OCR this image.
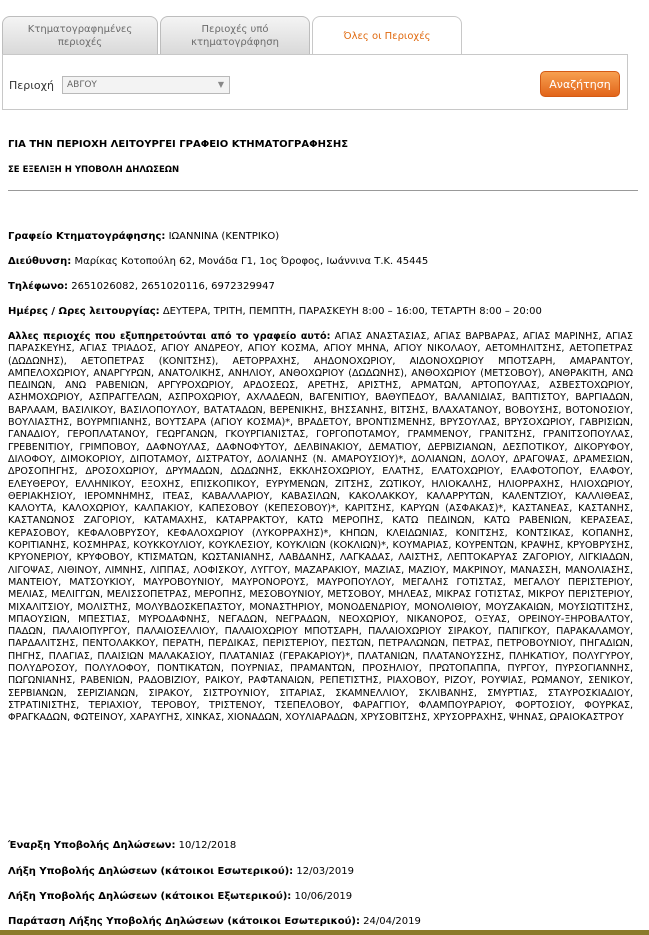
Κτηματογραφημένες περιοχές
Περιοχές υπό κτηματογράφηση	Όλες οι Περιοχές
Περιοχή	ΑΒΓΟΥ	▼	Αναζήτηση
ΓΙΑ ΤΗΝ ΠΕΡΙΟΧΗ ΛΕΙΤΟΥΡΓΕΙ ΓΡΑΦΕΙΟ ΚΤΗΜΑΤΟΓΡΑΦΗΣΗΣ
ΣΕ ΕΞΕΛΙΞΗ Η ΥΠΟΒΟΛΗ ΔΗΛΩΣΕΩΝ
Γραφείο Κτηματογράφησης: ΙΩΑΝΝΙΝΑ (ΚΕΝΤΡΙΚΟ)
Διεύθυνση: Μαρίκας Κοτοπούλη 62, Μονάδα Γ1, 1ος Όροφος, Ιωάννινα Τ.Κ. 45445
Τηλέφωνο: 2651026082, 2651020116, 6972329947
Ημέρες / Ωρες λειτουργίας: ΔΕΥΤΕΡΑ, ΤΡΙΤΗ, ΠΕΜΠΤΗ, ΠΑΡΑΣΚΕΥΗ 8:00 – 16:00, ΤΕΤΑΡΤΗ 8:00 – 20:00
Αλλες περιοχές που εξυπηρετούνται από το γραφείο αυτό: ΑΓΙΑΣ ΑΝΑΣΤΑΣΙΑΣ, ΑΓΙΑΣ ΒΑΡΒΑΡΑΣ, ΑΓΙΑΣ ΜΑΡΙΝΗΣ, ΑΓΙΑΣ ΠΑΡΑΣΚΕΥΗΣ, ΑΓΙΑΣ ΤΡΙΑΔΟΣ, ΑΓΙΟΥ ΑΝΔΡΕΟΥ, ΑΓΙΟΥ ΚΟΣΜΑ, ΑΓΙΟΥ ΜΗΝΑ, ΑΓΙΟΥ ΝΙΚΟΛΑΟΥ, ΑΕΤΟΜΗΛΙΤΣΗΣ, ΑΕΤΟΠΕΤΡΑΣ (ΔΩΔΩΝΗΣ), ΑΕΤΟΠΕΤΡΑΣ (ΚΟΝΙΤΣΗΣ), ΑΕΤΟΡΡΑΧΗΣ, ΑΗΔΟΝΟΧΩΡΙΟΥ, ΑΙΔΟΝΟΧΩΡΙΟΥ ΜΠΟΤΣΑΡΗ, ΑΜΑΡΑΝΤΟΥ, ΑΜΠΕΛΟΧΩΡΙΟΥ, ΑΝΑΡΓΥΡΩΝ, ΑΝΑΤΟΛΙΚΗΣ, ΑΝΗΛΙΟΥ, ΑΝΘΟΧΩΡΙΟΥ (ΔΩΔΩΝΗΣ), ΑΝΘΟΧΩΡΙΟΥ (ΜΕΤΣΟΒΟΥ), ΑΝΘΡΑΚΙΤΗ, ΑΝΩ ΠΕΔΙΝΩΝ, ΑΝΩ ΡΑΒΕΝΙΩΝ, ΑΡΓΥΡΟΧΩΡΙΟΥ, ΑΡΔΟΣΕΩΣ, ΑΡΕΤΗΣ, ΑΡΙΣΤΗΣ, ΑΡΜΑΤΩΝ, ΑΡΤΟΠΟΥΛΑΣ, ΑΣΒΕΣΤΟΧΩΡΙΟΥ, ΑΣΗΜΟΧΩΡΙΟΥ, ΑΣΠΡΑΓΓΕΛΩΝ, ΑΣΠΡΟΧΩΡΙΟΥ, ΑΧΛΑΔΕΩΝ, ΒΑΓΕΝΙΤΙΟΥ, ΒΑΘΥΠΕΔΟΥ, ΒΑΛΑΝΙΔΙΑΣ, ΒΑΠΤΙΣΤΟΥ, ΒΑΡΓΙΑΔΩΝ, ΒΑΡΛΑΑΜ, ΒΑΣΙΛΙΚΟΥ, ΒΑΣΙΛΟΠΟΥΛΟΥ, ΒΑΤΑΤΑΔΩΝ, ΒΕΡΕΝΙΚΗΣ, ΒΗΣΣΑΝΗΣ, ΒΙΤΣΗΣ, ΒΛΑΧΑΤΑΝΟΥ, ΒΟΒΟΥΣΗΣ, ΒΟΤΟΝΟΣΙΟΥ, ΒΟΥΛΙΑΣΤΗΣ, ΒΟΥΡΜΠΙΑΝΗΣ, ΒΟΥΤΣΑΡΑ (ΑΓΙΟΥ ΚΟΣΜΑ)*, ΒΡΑΔΕΤΟΥ, ΒΡΟΝΤΙΣΜΕΝΗΣ, ΒΡΥΣΟΥΛΑΣ, ΒΡΥΣΟΧΩΡΙΟΥ, ΓΑΒΡΙΣΙΩΝ, ΓΑΝΑΔΙΟΥ, ΓΕΡΟΠΛΑΤΑΝΟΥ, ΓΕΩΡΓΑΝΩΝ, ΓΚΟΥΡΓΙΑΝΙΣΤΑΣ, ΓΟΡΓΟΠΟΤΑΜΟΥ, ΓΡΑΜΜΕΝΟΥ, ΓΡΑΝΙΤΣΗΣ, ΓΡΑΝΙΤΣΟΠΟΥΛΑΣ, ΓΡΕΒΕΝΙΤΙΟΥ, ΓΡΙΜΠΟΒΟΥ, ΔΑΦΝΟΥΛΑΣ, ΔΑΦΝΟΦΥΤΟΥ, ΔΕΛΒΙΝΑΚΙΟΥ, ΔΕΜΑΤΙΟΥ, ΔΕΡΒΙΖΙΑΝΩΝ, ΔΕΣΠΟΤΙΚΟΥ, ΔΙΚΟΡΥΦΟΥ, ΔΙΛΟΦΟΥ, ΔΙΜΟΚΟΡΙΟΥ, ΔΙΠΟΤΑΜΟΥ, ΔΙΣΤΡΑΤΟΥ, ΔΟΛΙΑΝΗΣ (Ν. ΑΜΑΡΟΥΣΙΟΥ)*, ΔΟΛΙΑΝΩΝ, ΔΟΛΟΥ, ΔΡΑΓΟΨΑΣ, ΔΡΑΜΕΣΙΩΝ, ΔΡΟΣΟΠΗΓΗΣ, ΔΡΟΣΟΧΩΡΙΟΥ, ΔΡΥΜΑΔΩΝ, ΔΩΔΩΝΗΣ, ΕΚΚΛΗΣΟΧΩΡΙΟΥ, ΕΛΑΤΗΣ, ΕΛΑΤΟΧΩΡΙΟΥ, ΕΛΑΦΟΤΟΠΟΥ, ΕΛΑΦΟΥ, ΕΛΕΥΘΕΡΟΥ, ΕΛΛΗΝΙΚΟΥ, ΕΞΟΧΗΣ, ΕΠΙΣΚΟΠΙΚΟΥ, ΕΥΡΥΜΕΝΩΝ, ΖΙΤΣΗΣ, ΖΩΤΙΚΟΥ, ΗΛΙΟΚΑΛΗΣ, ΗΛΙΟΡΡΑΧΗΣ, ΗΛΙΟΧΩΡΙΟΥ, ΘΕΡΙΑΚΗΣΙΟΥ, ΙΕΡΟΜΝΗΜΗΣ, ΙΤΕΑΣ, ΚΑΒΑΛΛΑΡΙΟΥ, ΚΑΒΑΣΙΛΩΝ, ΚΑΚΟΛΑΚΚΟΥ, ΚΑΛΑΡΡΥΤΩΝ, ΚΑΛΕΝΤΖΙΟΥ, ΚΑΛΛΙΘΕΑΣ, ΚΑΛΟΥΤΑ, ΚΑΛΟΧΩΡΙΟΥ, ΚΑΛΠΑΚΙΟΥ, ΚΑΠΕΣΟΒΟΥ (ΚΕΠΕΣΟΒΟΥ)*, ΚΑΡΙΤΣΗΣ, ΚΑΡΥΩΝ (ΑΣΦΑΚΑΣ)*, ΚΑΣΤΑΝΕΑΣ, ΚΑΣΤΑΝΗΣ, ΚΑΣΤΑΝΩΝΟΣ ΖΑΓΟΡΙΟΥ, ΚΑΤΑΜΑΧΗΣ, ΚΑΤΑΡΡΑΚΤΟΥ, ΚΑΤΩ ΜΕΡΟΠΗΣ, ΚΑΤΩ ΠΕΔΙΝΩΝ, ΚΑΤΩ ΡΑΒΕΝΙΩΝ, ΚΕΡΑΣΕΑΣ, ΚΕΡΑΣΟΒΟΥ, ΚΕΦΑΛΟΒΡΥΣΟΥ, ΚΕΦΑΛΟΧΩΡΙΟΥ (ΛΥΚΟΡΡΑΧΗΣ)*, ΚΗΠΩΝ, ΚΛΕΙΔΩΝΙΑΣ, ΚΟΝΙΤΣΗΣ, ΚΟΝΤΣΙΚΑΣ, ΚΟΠΑΝΗΣ, ΚΟΡΙΤΙΑΝΗΣ, ΚΟΣΜΗΡΑΣ, ΚΟΥΚΚΟΥΛΙΟΥ, ΚΟΥΚΛΕΣΙΟΥ, ΚΟΥΚΛΙΩΝ (ΚΟΚΛΙΩΝ)*, ΚΟΥΜΑΡΙΑΣ, ΚΟΥΡΕΝΤΩΝ, ΚΡΑΨΗΣ, ΚΡΥΟΒΡΥΣΗΣ, ΚΡΥΟΝΕΡΙΟΥ, ΚΡΥΦΟΒΟΥ, ΚΤΙΣΜΑΤΩΝ, ΚΩΣΤΑΝΙΑΝΗΣ, ΛΑΒΔΑΝΗΣ, ΛΑΓΚΑΔΑΣ, ΛΑΙΣΤΗΣ, ΛΕΠΤΟΚΑΡΥΑΣ ΖΑΓΟΡΙΟΥ, ΛΙΓΚΙΑΔΩΝ, ΛΙΓΟΨΑΣ, ΛΙΘΙΝΟΥ, ΛΙΜΝΗΣ, ΛΙΠΠΑΣ, ΛΟΦΙΣΚΟΥ, ΛΥΓΓΟΥ, ΜΑΖΑΡΑΚΙΟΥ, ΜΑΖΙΑΣ, ΜΑΖΙΟΥ, ΜΑΚΡΙΝΟΥ, ΜΑΝΑΣΣΗ, ΜΑΝΟΛΙΑΣΗΣ, ΜΑΝΤΕΙΟΥ, ΜΑΤΣΟΥΚΙΟΥ, ΜΑΥΡΟΒΟΥΝΙΟΥ, ΜΑΥΡΟΝΟΡΟΥΣ, ΜΑΥΡΟΠΟΥΛΟΥ, ΜΕΓΑΛΗΣ ΓΟΤΙΣΤΑΣ, ΜΕΓΑΛΟΥ ΠΕΡΙΣΤΕΡΙΟΥ, ΜΕΛΙΑΣ, ΜΕΛΙΓΓΩΝ, ΜΕΛΙΣΣΟΠΕΤΡΑΣ, ΜΕΡΟΠΗΣ, ΜΕΣΟΒΟΥΝΙΟΥ, ΜΕΤΣΟΒΟΥ, ΜΗΛΕΑΣ, ΜΙΚΡΑΣ ΓΟΤΙΣΤΑΣ, ΜΙΚΡΟΥ ΠΕΡΙΣΤΕΡΙΟΥ, ΜΙΧΑΛΙΤΣΙΟΥ, ΜΟΛΙΣΤΗΣ, ΜΟΛΥΒΔΟΣΚΕΠΑΣΤΟΥ, ΜΟΝΑΣΤΗΡΙΟΥ, ΜΟΝΟΔΕΝΔΡΙΟΥ, ΜΟΝΟΛΙΘΙΟΥ, ΜΟΥΖΑΚΑΙΩΝ, ΜΟΥΣΙΩΤΙΤΣΗΣ, ΜΠΑΟΥΣΙΩΝ, ΜΠΕΣΤΙΑΣ, ΜΥΡΟΔΑΦΝΗΣ, ΝΕΓΑΔΩΝ, ΝΕΓΡΑΔΩΝ, ΝΕΟΧΩΡΙΟΥ, ΝΙΚΑΝΟΡΟΣ, ΟΞΥΑΣ, ΟΡΕΙΝΟΥ-ΞΗΡΟΒΑΛΤΟΥ, ΠΑΔΩΝ, ΠΑΛΑΙΟΠΥΡΓΟΥ, ΠΑΛΑΙΟΣΕΛΛΙΟΥ, ΠΑΛΑΙΟΧΩΡΙΟΥ ΜΠΟΤΣΑΡΗ, ΠΑΛΑΙΟΧΩΡΙΟΥ ΣΙΡΑΚΟΥ, ΠΑΠΙΓΚΟΥ, ΠΑΡΑΚΑΛΑΜΟΥ, ΠΑΡΔΑΛΙΤΣΗΣ, ΠΕΝΤΟΛΑΚΚΟΥ, ΠΕΡΑΤΗ, ΠΕΡΔΙΚΑΣ, ΠΕΡΙΣΤΕΡΙΟΥ, ΠΕΣΤΩΝ, ΠΕΤΡΑΛΩΝΩΝ, ΠΕΤΡΑΣ, ΠΕΤΡΟΒΟΥΝΙΟΥ, ΠΗΓΑΔΙΩΝ, ΠΗΓΗΣ, ΠΛΑΓΙΑΣ, ΠΛΑΙΣΙΩΝ ΜΑΛΑΚΑΣΙΟΥ, ΠΛΑΤΑΝΙΑΣ (ΓΕΡΑΚΑΡΙΟΥ)*, ΠΛΑΤΑΝΙΩΝ, ΠΛΑΤΑΝΟΥΣΣΗΣ, ΠΛΗΚΑΤΙΟΥ, ΠΟΛΥΓΥΡΟΥ, ΠΟΛΥΔΡΟΣΟΥ, ΠΟΛΥΛΟΦΟΥ, ΠΟΝΤΙΚΑΤΩΝ, ΠΟΥΡΝΙΑΣ, ΠΡΑΜΑΝΤΩΝ, ΠΡΟΣΗΛΙΟΥ, ΠΡΩΤΟΠΑΠΠΑ, ΠΥΡΓΟΥ, ΠΥΡΣΟΓΙΑΝΝΗΣ, ΠΩΓΩΝΙΑΝΗΣ, ΡΑΒΕΝΙΩΝ, ΡΑΔΟΒΙΖΙΟΥ, ΡΑΙΚΟΥ, ΡΑΦΤΑΝΑΙΩΝ, ΡΕΠΕΤΙΣΤΗΣ, ΡΙΑΧΟΒΟΥ, ΡΙΖΟΥ, ΡΟΥΨΙΑΣ, ΡΩΜΑΝΟΥ, ΣΕΝΙΚΟΥ, ΣΕΡΒΙΑΝΩΝ, ΣΕΡΙΖΙΑΝΩΝ, ΣΙΡΑΚΟΥ, ΣΙΣΤΡΟΥΝΙΟΥ, ΣΙΤΑΡΙΑΣ, ΣΚΑΜΝΕΛΛΙΟΥ, ΣΚΛΙΒΑΝΗΣ, ΣΜΥΡΤΙΑΣ, ΣΤΑΥΡΟΣΚΙΑΔΙΟΥ, ΣΤΡΑΤΙΝΙΣΤΗΣ, ΤΕΡΙΑΧΙΟΥ, ΤΕΡΟΒΟΥ, ΤΡΙΣΤΕΝΟΥ, ΤΣΕΠΕΛΟΒΟΥ, ΦΑΡΑΓΓΙΟΥ, ΦΛΑΜΠΟΥΡΑΡΙΟΥ, ΦΟΡΤΟΣΙΟΥ, ΦΟΥΡΚΑΣ, ΦΡΑΓΚΑΔΩΝ, ΦΩΤΕΙΝΟΥ, ΧΑΡΑΥΓΗΣ, ΧΙΝΚΑΣ, ΧΙΟΝΑΔΩΝ, ΧΟΥΛΙΑΡΑΔΩΝ, ΧΡΥΣΟΒΙΤΣΗΣ, ΧΡΥΣΟΡΡΑΧΗΣ, ΨΗΝΑΣ, ΩΡΑΙΟΚΑΣΤΡΟΥ
Έναρξη Υποβολής Δηλώσεων: 10/12/2018
Λήξη Υποβολής Δηλώσεων (κάτοικοι Εσωτερικού): 12/03/2019
Λήξη Υποβολής Δηλώσεων (κάτοικοι Εξωτερικού): 10/06/2019
Παράταση Λήξης Υποβολής Δηλώσεων (κάτοικοι Εσωτερικού): 24/04/2019
